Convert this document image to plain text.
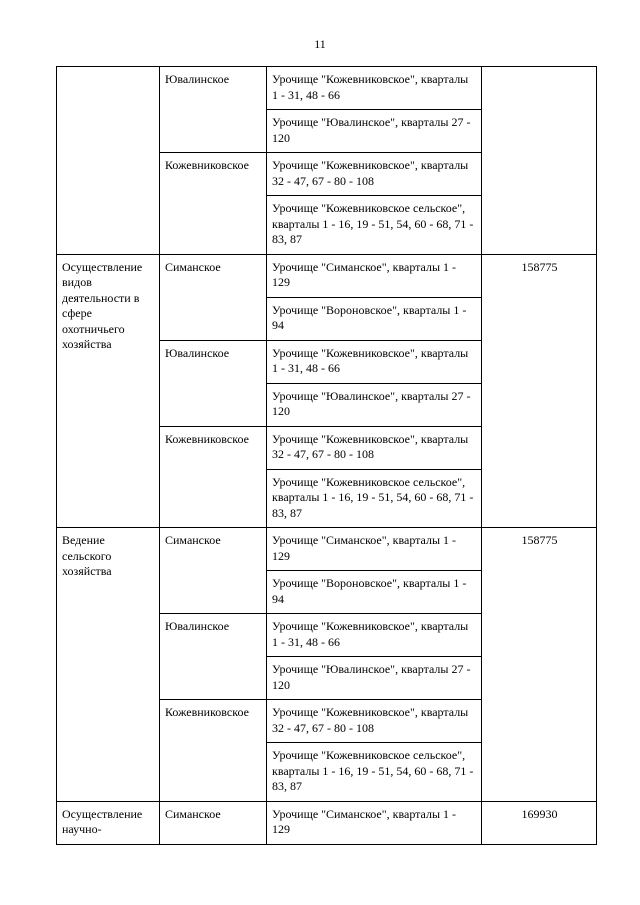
11
	Ювалинское	Урочище "Кожевниковское", кварталы 1 - 31, 48 - 66	
		Урочище "Ювалинское", кварталы 27 - 120	
	Кожевниковское	Урочище "Кожевниковское", кварталы 32 - 47, 67 - 80 - 108	
		Урочище "Кожевниковское сельское", кварталы 1 - 16, 19 - 51, 54, 60 - 68, 71 - 83, 87	
Осуществление видов деятельности в сфере охотничьего хозяйства	Симанское	Урочище "Симанское", кварталы 1 - 129	158775
		Урочище "Вороновское", кварталы 1 - 94	
	Ювалинское	Урочище "Кожевниковское", кварталы 1 - 31, 48 - 66	
		Урочище "Ювалинское", кварталы 27 - 120	
	Кожевниковское	Урочище "Кожевниковское", кварталы 32 - 47, 67 - 80 - 108	
		Урочище "Кожевниковское сельское", кварталы 1 - 16, 19 - 51, 54, 60 - 68, 71 - 83, 87	
Ведение сельского хозяйства	Симанское	Урочище "Симанское", кварталы 1 - 129	158775
		Урочище "Вороновское", кварталы 1 - 94	
	Ювалинское	Урочище "Кожевниковское", кварталы 1 - 31, 48 - 66	
		Урочище "Ювалинское", кварталы 27 - 120	
	Кожевниковское	Урочище "Кожевниковское", кварталы 32 - 47, 67 - 80 - 108	
		Урочище "Кожевниковское сельское", кварталы 1 - 16, 19 - 51, 54, 60 - 68, 71 - 83, 87	
Осуществление научно-	Симанское	Урочище "Симанское", кварталы 1 - 129	169930
